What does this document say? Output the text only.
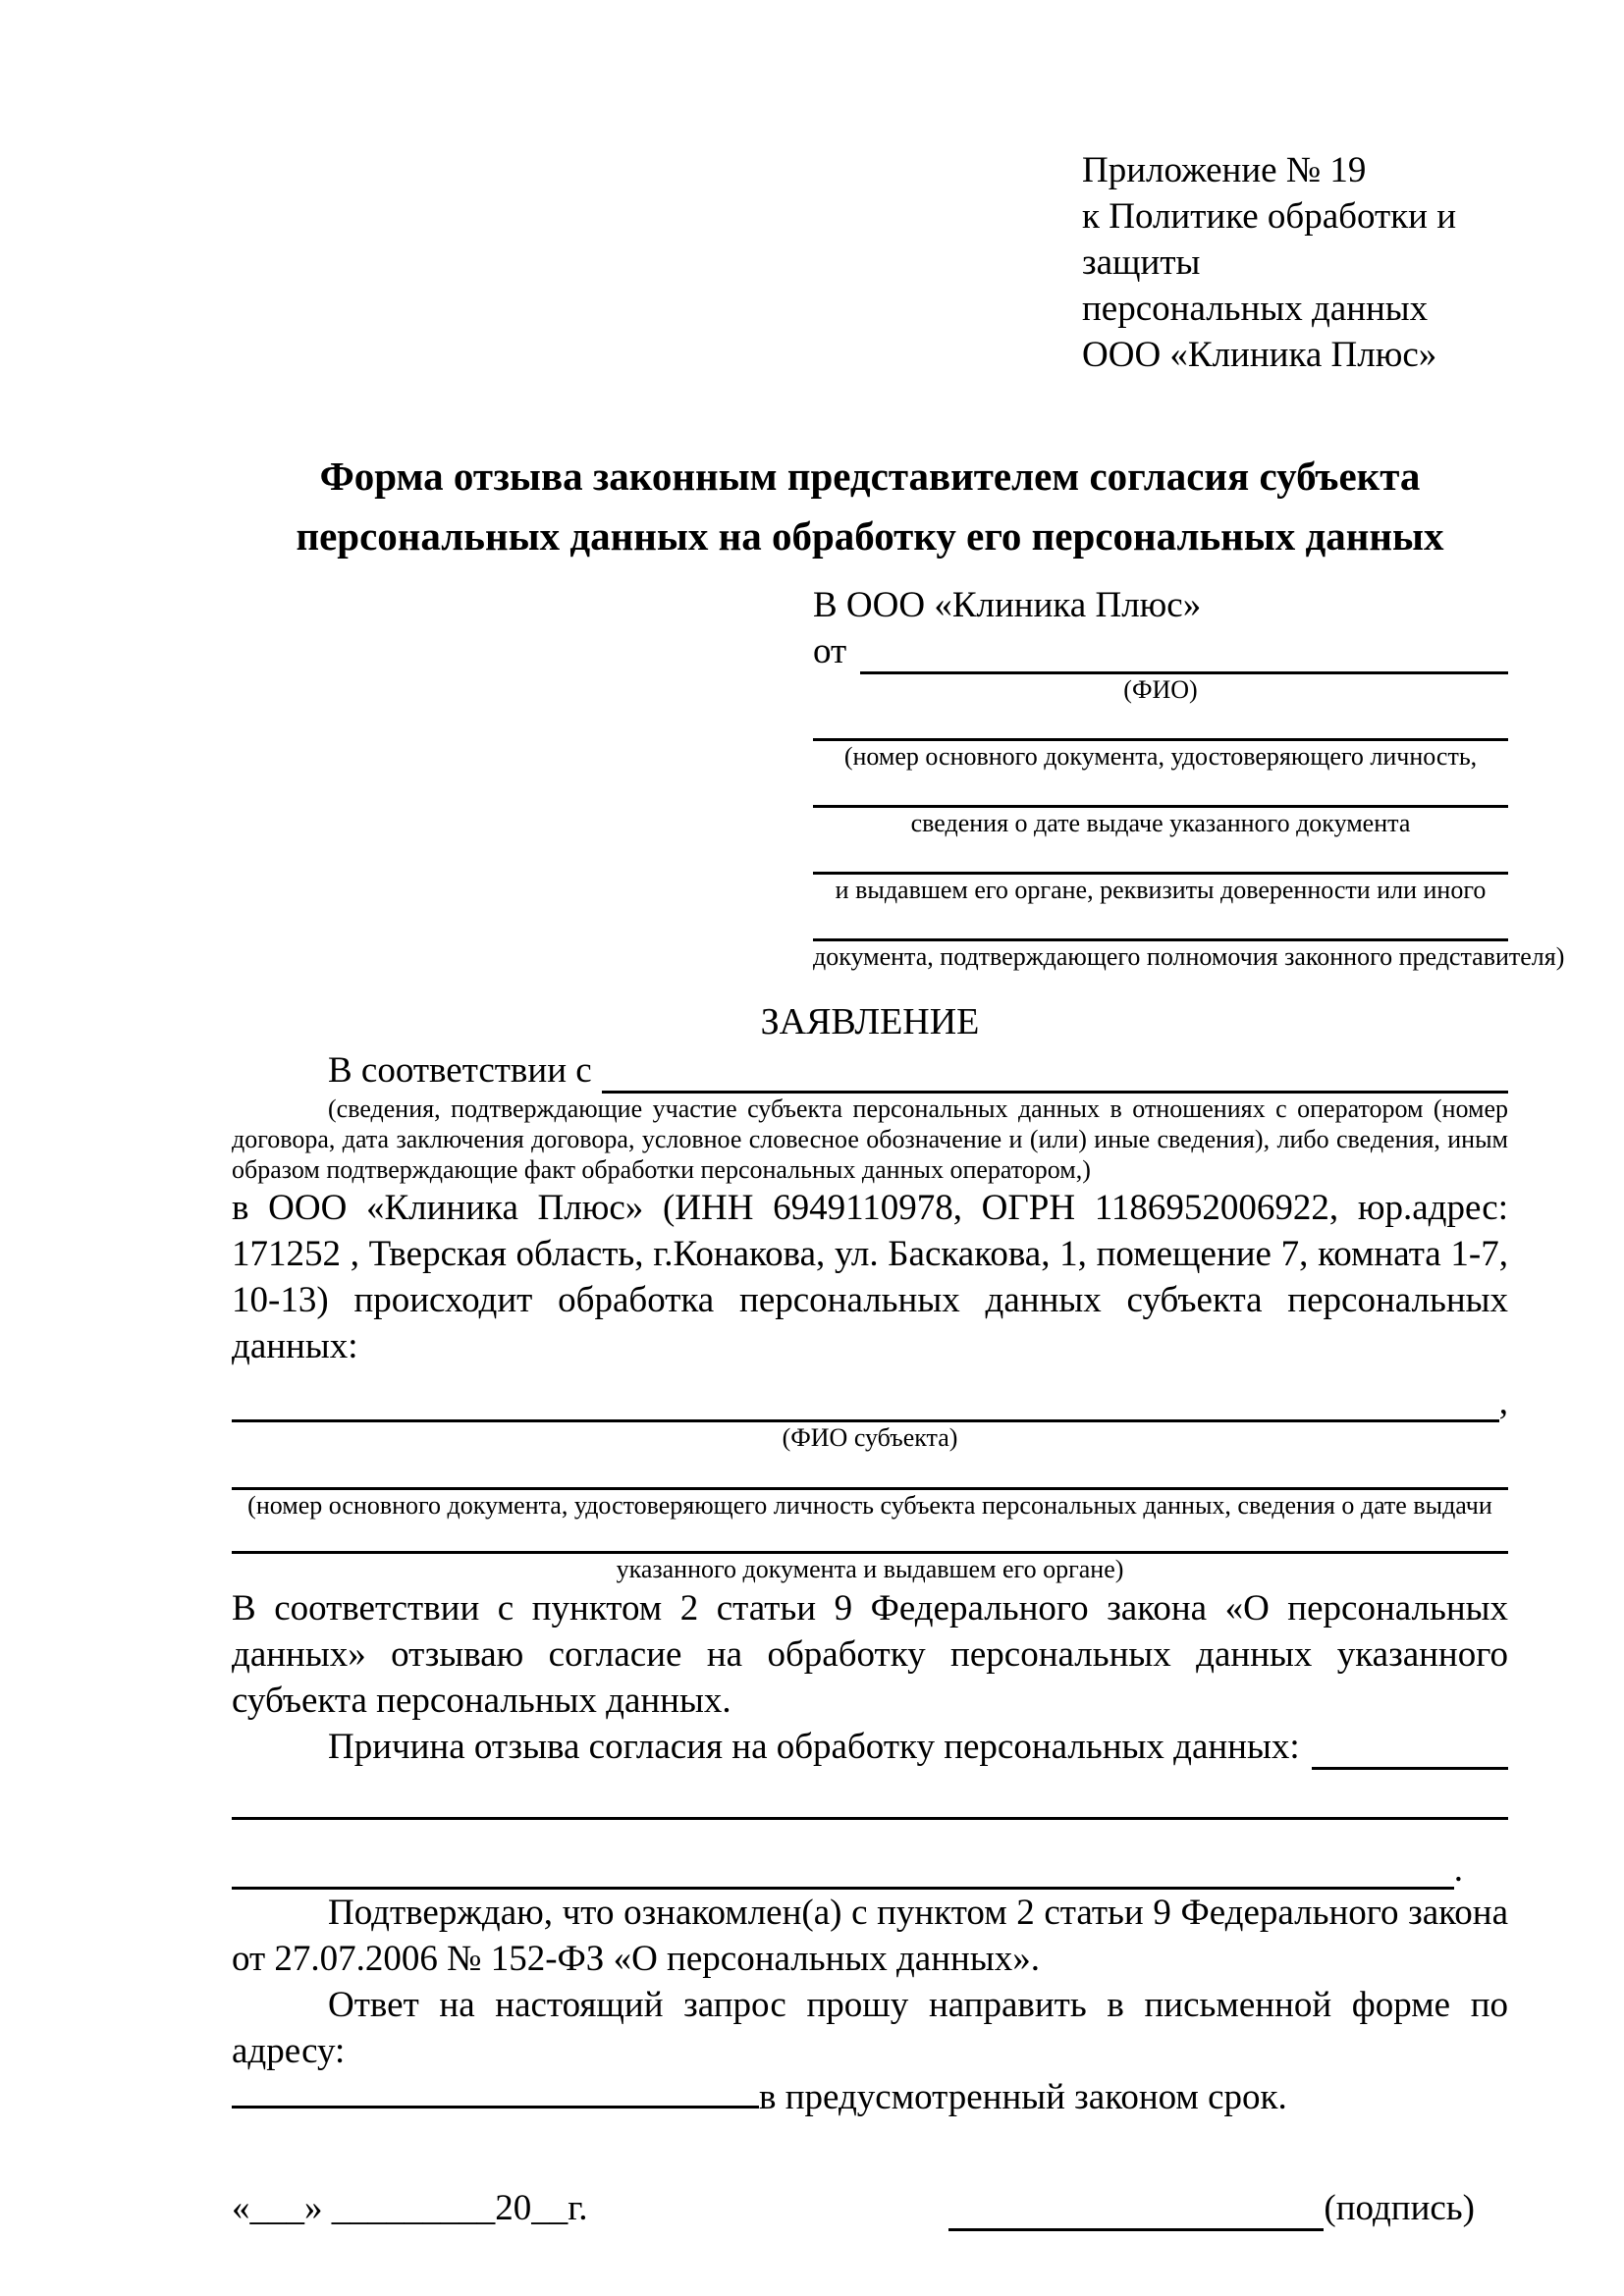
Приложение № 19
к Политике обработки и защиты
персональных данных
ООО «Клиника Плюс»
Форма отзыва законным представителем согласия субъекта
персональных данных на обработку его персональных данных
В ООО «Клиника Плюс»
от
(ФИО)
(номер основного документа, удостоверяющего личность,
сведения о дате выдаче указанного документа
и выдавшем его органе, реквизиты доверенности или иного
документа, подтверждающего полномочия законного представителя)
ЗАЯВЛЕНИЕ
В соответствии с
(сведения, подтверждающие участие субъекта персональных данных в отношениях с оператором (номер договора, дата заключения договора, условное словесное обозначение и (или) иные сведения), либо сведения, иным образом подтверждающие факт обработки персональных данных оператором,)
в ООО «Клиника Плюс» (ИНН 6949110978, ОГРН 1186952006922, юр.адрес: 171252 , Тверская область, г.Конакова, ул. Баскакова, 1, помещение 7, комната 1-7, 10-13) происходит обработка персональных данных субъекта персональных данных:
,
(ФИО субъекта)
(номер основного документа, удостоверяющего личность субъекта персональных данных, сведения о дате выдачи
указанного документа и выдавшем его органе)
В соответствии с пунктом 2 статьи 9 Федерального закона «О персональных данных» отзываю согласие на обработку персональных данных указанного субъекта персональных данных.
Причина отзыва согласия на обработку персональных данных:
.
Подтверждаю, что ознакомлен(а) с пунктом 2 статьи 9 Федерального закона от 27.07.2006 № 152-ФЗ «О персональных данных».
Ответ на настоящий запрос прошу направить в письменной форме по адресу:
в предусмотренный законом срок.
«___» _________20__г.	(подпись)
